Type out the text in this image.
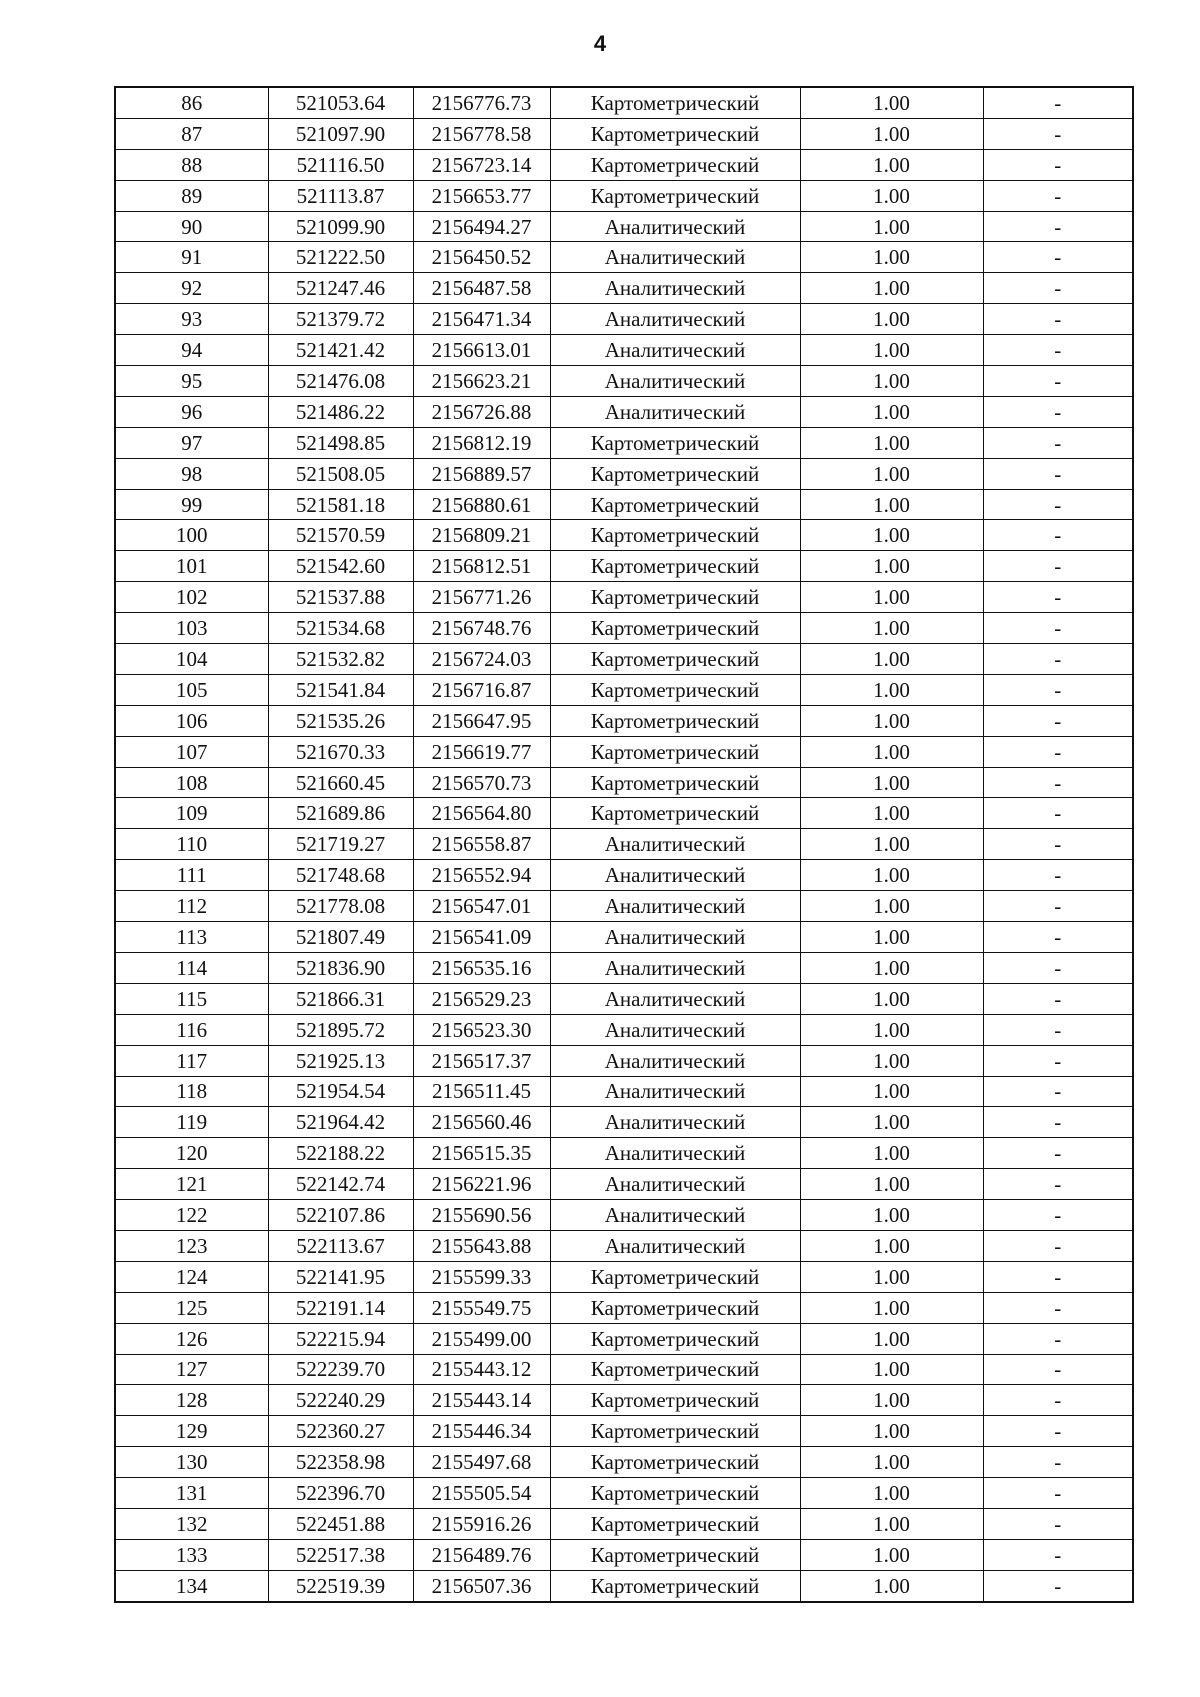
4
86	521053.64	2156776.73	Картометрический	1.00	-
87	521097.90	2156778.58	Картометрический	1.00	-
88	521116.50	2156723.14	Картометрический	1.00	-
89	521113.87	2156653.77	Картометрический	1.00	-
90	521099.90	2156494.27	Аналитический	1.00	-
91	521222.50	2156450.52	Аналитический	1.00	-
92	521247.46	2156487.58	Аналитический	1.00	-
93	521379.72	2156471.34	Аналитический	1.00	-
94	521421.42	2156613.01	Аналитический	1.00	-
95	521476.08	2156623.21	Аналитический	1.00	-
96	521486.22	2156726.88	Аналитический	1.00	-
97	521498.85	2156812.19	Картометрический	1.00	-
98	521508.05	2156889.57	Картометрический	1.00	-
99	521581.18	2156880.61	Картометрический	1.00	-
100	521570.59	2156809.21	Картометрический	1.00	-
101	521542.60	2156812.51	Картометрический	1.00	-
102	521537.88	2156771.26	Картометрический	1.00	-
103	521534.68	2156748.76	Картометрический	1.00	-
104	521532.82	2156724.03	Картометрический	1.00	-
105	521541.84	2156716.87	Картометрический	1.00	-
106	521535.26	2156647.95	Картометрический	1.00	-
107	521670.33	2156619.77	Картометрический	1.00	-
108	521660.45	2156570.73	Картометрический	1.00	-
109	521689.86	2156564.80	Картометрический	1.00	-
110	521719.27	2156558.87	Аналитический	1.00	-
111	521748.68	2156552.94	Аналитический	1.00	-
112	521778.08	2156547.01	Аналитический	1.00	-
113	521807.49	2156541.09	Аналитический	1.00	-
114	521836.90	2156535.16	Аналитический	1.00	-
115	521866.31	2156529.23	Аналитический	1.00	-
116	521895.72	2156523.30	Аналитический	1.00	-
117	521925.13	2156517.37	Аналитический	1.00	-
118	521954.54	2156511.45	Аналитический	1.00	-
119	521964.42	2156560.46	Аналитический	1.00	-
120	522188.22	2156515.35	Аналитический	1.00	-
121	522142.74	2156221.96	Аналитический	1.00	-
122	522107.86	2155690.56	Аналитический	1.00	-
123	522113.67	2155643.88	Аналитический	1.00	-
124	522141.95	2155599.33	Картометрический	1.00	-
125	522191.14	2155549.75	Картометрический	1.00	-
126	522215.94	2155499.00	Картометрический	1.00	-
127	522239.70	2155443.12	Картометрический	1.00	-
128	522240.29	2155443.14	Картометрический	1.00	-
129	522360.27	2155446.34	Картометрический	1.00	-
130	522358.98	2155497.68	Картометрический	1.00	-
131	522396.70	2155505.54	Картометрический	1.00	-
132	522451.88	2155916.26	Картометрический	1.00	-
133	522517.38	2156489.76	Картометрический	1.00	-
134	522519.39	2156507.36	Картометрический	1.00	-
